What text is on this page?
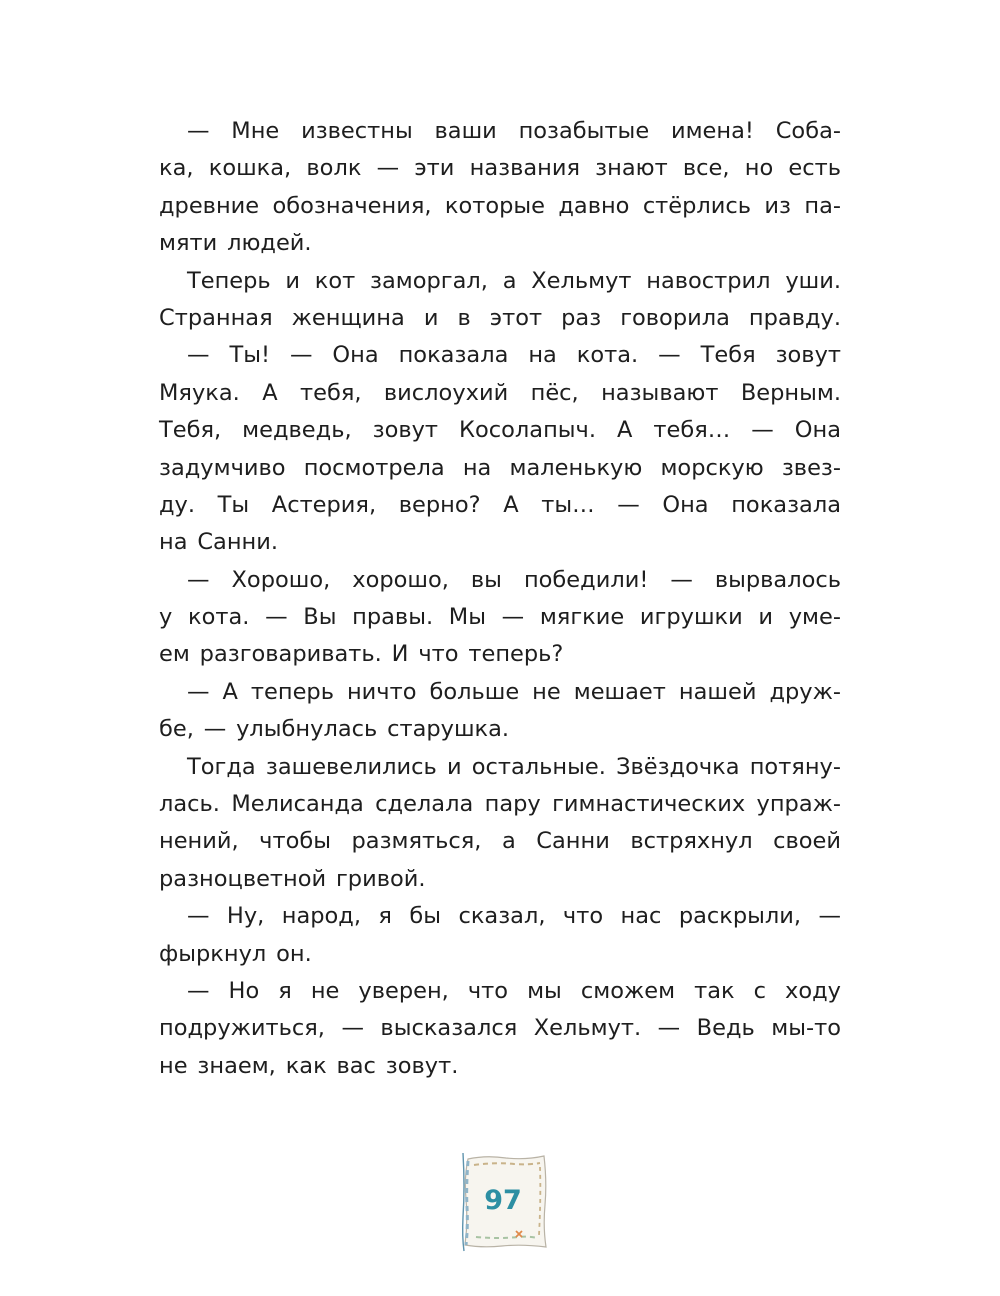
— Мне известны ваши позабытые имена! Соба-
ка, кошка, волк — эти названия знают все, но есть
древние обозначения, которые давно стёрлись из па-
мяти людей.

Теперь и кот заморгал, а Хельмут навострил уши.
Странная женщина и в этот раз говорила правду.

— Ты! — Она показала на кота. — Тебя зовут
Мяука. А тебя, вислоухий пёс, называют Верным.
Тебя, медведь, зовут Косолапыч. А тебя… — Она
задумчиво посмотрела на маленькую морскую звез-
ду. Ты Астерия, верно? А ты… — Она показала
на Санни.

— Хорошо, хорошо, вы победили! — вырвалось
у кота. — Вы правы. Мы — мягкие игрушки и уме-
ем разговаривать. И что теперь?

— А теперь ничто больше не мешает нашей друж-
бе, — улыбнулась старушка.

Тогда зашевелились и остальные. Звёздочка потяну-
лась. Мелисанда сделала пару гимнастических упраж-
нений, чтобы размяться, а Санни встряхнул своей
разноцветной гривой.

— Ну, народ, я бы сказал, что нас раскрыли, —
фыркнул он.

— Но я не уверен, что мы сможем так с ходу
подружиться, — высказался Хельмут. — Ведь мы-то
не знаем, как вас зовут.

97
